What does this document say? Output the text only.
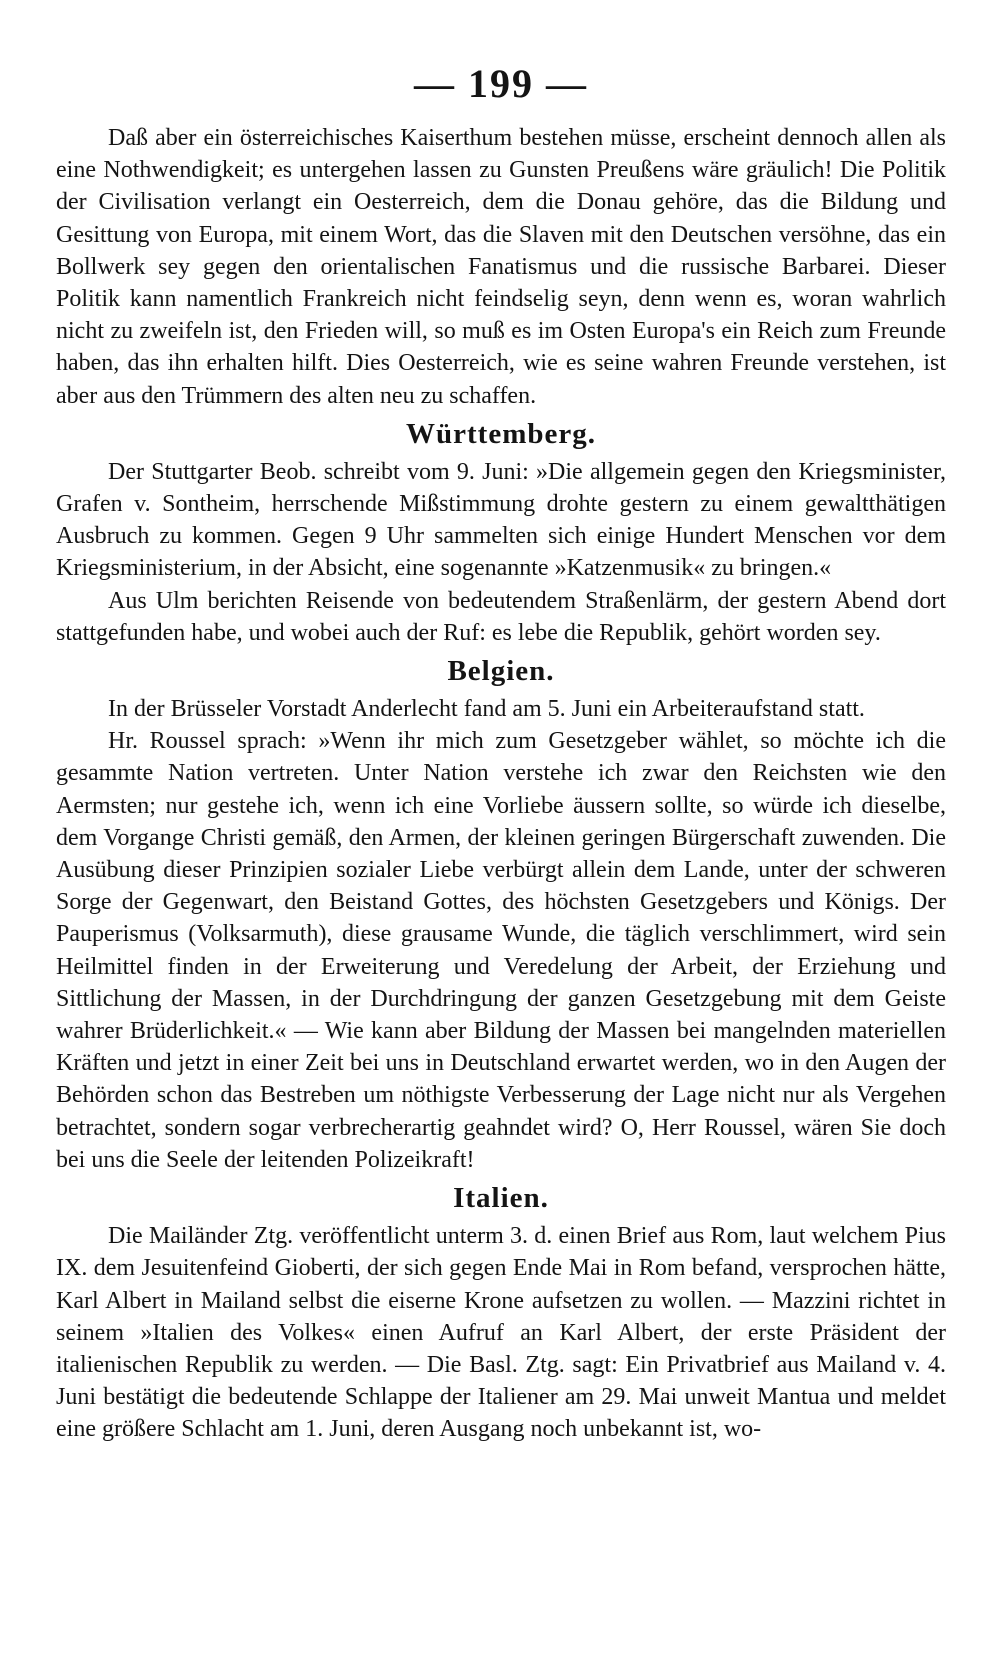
— 199 —

Daß aber ein österreichisches Kaiserthum bestehen müsse, erscheint dennoch allen als eine Nothwendigkeit; es untergehen lassen zu Gunsten Preußens wäre gräulich! Die Politik der Civilisation verlangt ein Oesterreich, dem die Donau gehöre, das die Bildung und Gesittung von Europa, mit einem Wort, das die Slaven mit den Deutschen versöhne, das ein Bollwerk sey gegen den orientalischen Fanatismus und die russische Barbarei. Dieser Politik kann namentlich Frankreich nicht feindselig seyn, denn wenn es, woran wahrlich nicht zu zweifeln ist, den Frieden will, so muß es im Osten Europa's ein Reich zum Freunde haben, das ihn erhalten hilft. Dies Oesterreich, wie es seine wahren Freunde verstehen, ist aber aus den Trümmern des alten neu zu schaffen.

Württemberg.

Der Stuttgarter Beob. schreibt vom 9. Juni: »Die allgemein gegen den Kriegsminister, Grafen v. Sontheim, herrschende Mißstimmung drohte gestern zu einem gewaltthätigen Ausbruch zu kommen. Gegen 9 Uhr sammelten sich einige Hundert Menschen vor dem Kriegsministerium, in der Absicht, eine sogenannte »Katzenmusik« zu bringen.«

Aus Ulm berichten Reisende von bedeutendem Straßenlärm, der gestern Abend dort stattgefunden habe, und wobei auch der Ruf: es lebe die Republik, gehört worden sey.

Belgien.

In der Brüsseler Vorstadt Anderlecht fand am 5. Juni ein Arbeiteraufstand statt.

Hr. Roussel sprach: »Wenn ihr mich zum Gesetzgeber wählet, so möchte ich die gesammte Nation vertreten. Unter Nation verstehe ich zwar den Reichsten wie den Aermsten; nur gestehe ich, wenn ich eine Vorliebe äussern sollte, so würde ich dieselbe, dem Vorgange Christi gemäß, den Armen, der kleinen geringen Bürgerschaft zuwenden. Die Ausübung dieser Prinzipien sozialer Liebe verbürgt allein dem Lande, unter der schweren Sorge der Gegenwart, den Beistand Gottes, des höchsten Gesetzgebers und Königs. Der Pauperismus (Volksarmuth), diese grausame Wunde, die täglich verschlimmert, wird sein Heilmittel finden in der Erweiterung und Veredelung der Arbeit, der Erziehung und Sittlichung der Massen, in der Durchdringung der ganzen Gesetzgebung mit dem Geiste wahrer Brüderlichkeit.« — Wie kann aber Bildung der Massen bei mangelnden materiellen Kräften und jetzt in einer Zeit bei uns in Deutschland erwartet werden, wo in den Augen der Behörden schon das Bestreben um nöthigste Verbesserung der Lage nicht nur als Vergehen betrachtet, sondern sogar verbrecherartig geahndet wird? O, Herr Roussel, wären Sie doch bei uns die Seele der leitenden Polizeikraft!

Italien.

Die Mailänder Ztg. veröffentlicht unterm 3. d. einen Brief aus Rom, laut welchem Pius IX. dem Jesuitenfeind Gioberti, der sich gegen Ende Mai in Rom befand, versprochen hätte, Karl Albert in Mailand selbst die eiserne Krone aufsetzen zu wollen. — Mazzini richtet in seinem »Italien des Volkes« einen Aufruf an Karl Albert, der erste Präsident der italienischen Republik zu werden. — Die Basl. Ztg. sagt: Ein Privatbrief aus Mailand v. 4. Juni bestätigt die bedeutende Schlappe der Italiener am 29. Mai unweit Mantua und meldet eine größere Schlacht am 1. Juni, deren Ausgang noch unbekannt ist, wo-
